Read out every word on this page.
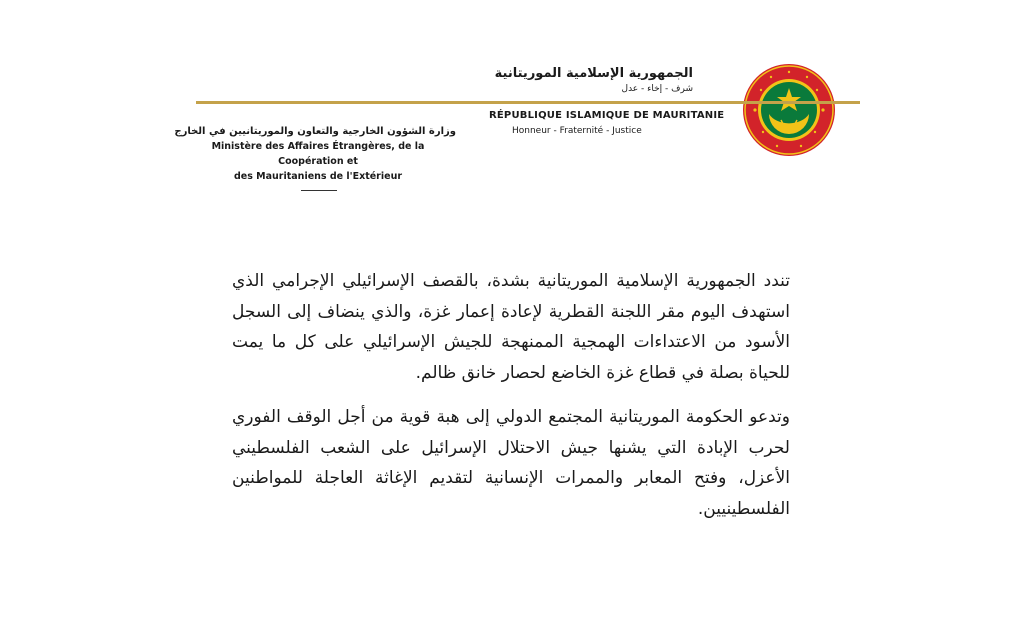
الجمهورية الإسلامية الموريتانية
شرف - إخاء - عدل
RÉPUBLIQUE ISLAMIQUE DE MAURITANIE
Honneur - Fraternité - Justice
وزارة الشؤون الخارجية والتعاون والموريتانيين في الخارج
Ministère des Affaires Étrangères, de la Coopération et
des Mauritaniens de l'Extérieur

تندد الجمهورية الإسلامية الموريتانية بشدة، بالقصف الإسرائيلي الإجرامي الذي استهدف اليوم مقر اللجنة القطرية لإعادة إعمار غزة، والذي ينضاف إلى السجل الأسود من الاعتداءات الهمجية الممنهجة للجيش الإسرائيلي على كل ما يمت للحياة بصلة في قطاع غزة الخاضع لحصار خانق ظالم.

وتدعو الحكومة الموريتانية المجتمع الدولي إلى هبة قوية من أجل الوقف الفوري لحرب الإبادة التي يشنها جيش الاحتلال الإسرائيل على الشعب الفلسطيني الأعزل، وفتح المعابر والممرات الإنسانية لتقديم الإغاثة العاجلة للمواطنين الفلسطينيين.
